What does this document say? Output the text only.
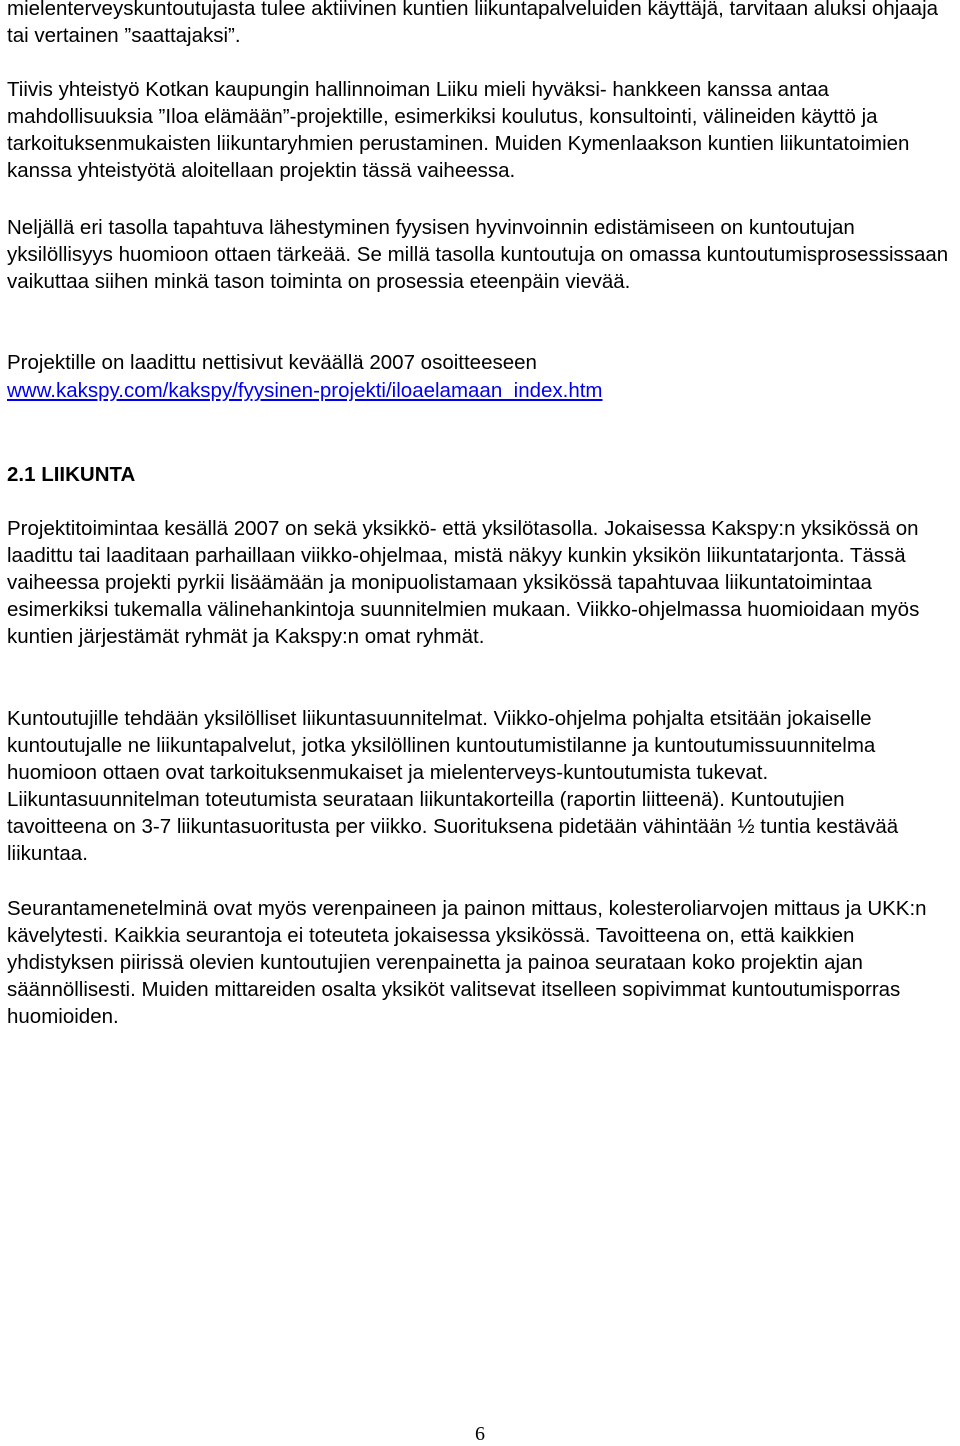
mielenterveyskuntoutujasta tulee aktiivinen kuntien liikuntapalveluiden käyttäjä, tarvitaan aluksi ohjaaja tai vertainen ”saattajaksi”.

Tiivis yhteistyö Kotkan kaupungin hallinnoiman Liiku mieli hyväksi- hankkeen kanssa antaa mahdollisuuksia ”Iloa elämään”-projektille, esimerkiksi koulutus, konsultointi, välineiden käyttö ja tarkoituksenmukaisten liikuntaryhmien perustaminen. Muiden Kymenlaakson kuntien liikuntatoimien kanssa yhteistyötä aloitellaan projektin tässä vaiheessa.

Neljällä eri tasolla tapahtuva lähestyminen fyysisen hyvinvoinnin edistämiseen on kuntoutujan yksilöllisyys huomioon ottaen tärkeää. Se millä tasolla kuntoutuja on omassa kuntoutumisprosessissaan vaikuttaa siihen minkä tason toiminta on prosessia eteenpäin vievää.

Projektille on laadittu nettisivut keväällä 2007 osoitteeseen

www.kakspy.com/kakspy/fyysinen-projekti/iloaelamaan_index.htm
2.1 LIIKUNTA

Projektitoimintaa kesällä 2007 on sekä yksikkö- että yksilötasolla. Jokaisessa Kakspy:n yksikössä on laadittu tai laaditaan parhaillaan viikko-ohjelmaa, mistä näkyy kunkin yksikön liikuntatarjonta. Tässä vaiheessa projekti pyrkii lisäämään ja monipuolistamaan yksikössä tapahtuvaa liikuntatoimintaa esimerkiksi tukemalla välinehankintoja suunnitelmien mukaan. Viikko-ohjelmassa huomioidaan myös kuntien järjestämät ryhmät ja Kakspy:n omat ryhmät.

Kuntoutujille tehdään yksilölliset liikuntasuunnitelmat. Viikko-ohjelma pohjalta etsitään jokaiselle kuntoutujalle ne liikuntapalvelut, jotka yksilöllinen kuntoutumistilanne ja kuntoutumissuunnitelma huomioon ottaen ovat tarkoituksenmukaiset ja mielenterveys-kuntoutumista tukevat. Liikuntasuunnitelman toteutumista seurataan liikuntakorteilla (raportin liitteenä). Kuntoutujien tavoitteena on 3-7 liikuntasuoritusta per viikko. Suorituksena pidetään vähintään ½ tuntia kestävää liikuntaa.

Seurantamenetelminä ovat myös verenpaineen ja painon mittaus, kolesteroliarvojen mittaus ja UKK:n kävelytesti. Kaikkia seurantoja ei toteuteta jokaisessa yksikössä. Tavoitteena on, että kaikkien yhdistyksen piirissä olevien kuntoutujien verenpainetta ja painoa seurataan koko projektin ajan säännöllisesti. Muiden mittareiden osalta yksiköt valitsevat itselleen sopivimmat kuntoutumisporras huomioiden.

6
